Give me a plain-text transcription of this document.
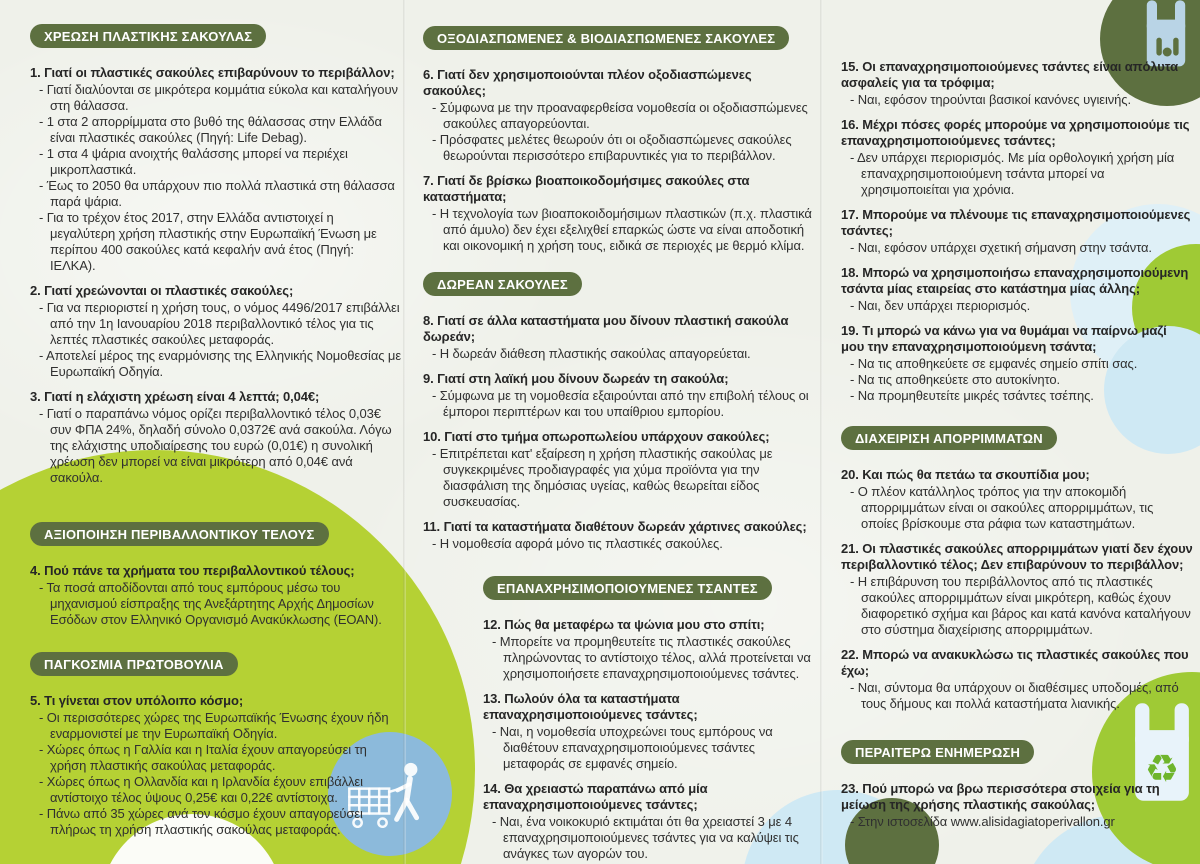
♻
ΧΡΕΩΣΗ ΠΛΑΣΤΙΚΗΣ ΣΑΚΟΥΛΑΣ
1. Γιατί οι πλαστικές σακούλες επιβαρύνουν το περιβάλλον;
- Γιατί διαλύονται σε μικρότερα κομμάτια εύκολα και καταλήγουν στη θάλασσα.
- 1 στα 2 απορρίμματα στο βυθό της θάλασσας στην Ελλάδα είναι πλαστικές σακούλες (Πηγή: Life Debag).
- 1 στα 4 ψάρια ανοιχτής θαλάσσης μπορεί να περιέχει μικροπλαστικά.
- Έως το 2050 θα υπάρχουν πιο πολλά πλαστικά στη θάλασσα παρά ψάρια.
- Για το τρέχον έτος 2017, στην Ελλάδα αντιστοιχεί η μεγαλύτερη χρήση πλαστικής στην Ευρωπαϊκή Ένωση με περίπου 400 σακούλες κατά κεφαλήν ανά έτος (Πηγή: ΙΕΛΚΑ).
2. Γιατί χρεώνονται οι πλαστικές σακούλες;
- Για να περιοριστεί η χρήση τους, ο νόμος 4496/2017 επιβάλλει από την 1η Ιανουαρίου 2018 περιβαλλοντικό τέλος για τις λεπτές πλαστικές σακούλες μεταφοράς.
- Αποτελεί μέρος της εναρμόνισης της Ελληνικής Νομοθεσίας με Ευρωπαϊκή Οδηγία.
3. Γιατί η ελάχιστη χρέωση είναι 4 λεπτά; 0,04€;
- Γιατί ο παραπάνω νόμος ορίζει περιβαλλοντικό τέλος 0,03€ συν ΦΠΑ 24%, δηλαδή σύνολο 0,0372€ ανά σακούλα. Λόγω της ελάχιστης υποδιαίρεσης του ευρώ (0,01€) η συνολική χρέωση δεν μπορεί να είναι μικρότερη από 0,04€ ανά σακούλα.
ΑΞΙΟΠΟΙΗΣΗ ΠΕΡΙΒΑΛΛΟΝΤΙΚΟΥ ΤΕΛΟΥΣ
4. Πού πάνε τα χρήματα του περιβαλλοντικού τέλους;
- Τα ποσά αποδίδονται από τους εμπόρους μέσω του μηχανισμού είσπραξης της Ανεξάρτητης Αρχής Δημοσίων Εσόδων στον Ελληνικό Οργανισμό Ανακύκλωσης (ΕΟΑΝ).
ΠΑΓΚΟΣΜΙΑ ΠΡΩΤΟΒΟΥΛΙΑ
5. Τι γίνεται στον υπόλοιπο κόσμο;
- Οι περισσότερες χώρες της Ευρωπαϊκής Ένωσης έχουν ήδη εναρμονιστεί με την Ευρωπαϊκή Οδηγία.
- Χώρες όπως η Γαλλία και η Ιταλία έχουν απαγορεύσει τη χρήση πλαστικής σακούλας μεταφοράς.
- Χώρες όπως η Ολλανδία και η Ιρλανδία έχουν επιβάλλει αντίστοιχο τέλος ύψους 0,25€ και 0,22€ αντίστοιχα.
- Πάνω από 35 χώρες ανά τον κόσμο έχουν απαγορεύσει πλήρως τη χρήση πλαστικής σακούλας μεταφοράς.
ΟΞΟΔΙΑΣΠΩΜΕΝΕΣ & ΒΙΟΔΙΑΣΠΩΜΕΝΕΣ ΣΑΚΟΥΛΕΣ
6. Γιατί δεν χρησιμοποιούνται πλέον οξοδιασπώμενες σακούλες;
- Σύμφωνα με την προαναφερθείσα νομοθεσία οι οξοδιασπώμενες σακούλες απαγορεύονται.
- Πρόσφατες μελέτες θεωρούν ότι οι οξοδιασπώμενες σακούλες θεωρούνται περισσότερο επιβαρυντικές για το περιβάλλον.
7. Γιατί δε βρίσκω βιοαποικοδομήσιμες σακούλες στα καταστήματα;
- Η τεχνολογία των βιοαποκοιδομήσιμων πλαστικών (π.χ. πλαστικά από άμυλο) δεν έχει εξελιχθεί επαρκώς ώστε να είναι αποδοτική και οικονομική η χρήση τους, ειδικά σε περιοχές με θερμό κλίμα.
ΔΩΡΕΑΝ ΣΑΚΟΥΛΕΣ
8. Γιατί σε άλλα καταστήματα μου δίνουν πλαστική σακούλα δωρεάν;
- Η δωρεάν διάθεση πλαστικής σακούλας απαγορεύεται.
9. Γιατί στη λαϊκή μου δίνουν δωρεάν τη σακούλα;
- Σύμφωνα με τη νομοθεσία εξαιρούνται από την επιβολή τέλους οι έμποροι περιπτέρων και του υπαίθριου εμπορίου.
10. Γιατί στο τμήμα οπωροπωλείου υπάρχουν σακούλες;
- Επιτρέπεται κατ' εξαίρεση η χρήση πλαστικής σακούλας με συγκεκριμένες προδιαγραφές για χύμα προϊόντα για την διασφάλιση της δημόσιας υγείας, καθώς θεωρείται είδος συσκευασίας.
11. Γιατί τα καταστήματα διαθέτουν δωρεάν χάρτινες σακούλες;
- Η νομοθεσία αφορά μόνο τις πλαστικές σακούλες.
ΕΠΑΝΑΧΡΗΣΙΜΟΠΟΙΟΥΜΕΝΕΣ ΤΣΑΝΤΕΣ
12. Πώς θα μεταφέρω τα ψώνια μου στο σπίτι;
- Μπορείτε να προμηθευτείτε τις πλαστικές σακούλες πληρώνοντας το αντίστοιχο τέλος, αλλά προτείνεται να χρησιμοποιήσετε επαναχρησιμοποιούμενες τσάντες.
13. Πωλούν όλα τα καταστήματα επαναχρησιμοποιούμενες τσάντες;
- Ναι, η νομοθεσία υποχρεώνει τους εμπόρους να διαθέτουν επαναχρησιμοποιούμενες τσάντες μεταφοράς σε εμφανές σημείο.
14. Θα χρειαστώ παραπάνω από μία επαναχρησιμοποιούμενες τσάντες;
- Ναι, ένα νοικοκυριό εκτιμάται ότι θα χρειαστεί 3 με 4 επαναχρησιμοποιούμενες τσάντες για να καλύψει τις ανάγκες των αγορών του.
15. Οι επαναχρησιμοποιούμενες τσάντες είναι απόλυτα ασφαλείς για τα τρόφιμα;
- Ναι, εφόσον τηρούνται βασικοί κανόνες υγιεινής.
16. Μέχρι πόσες φορές μπορούμε να χρησιμοποιούμε τις επαναχρησιμοποιούμενες τσάντες;
- Δεν υπάρχει περιορισμός. Με μία ορθολογική χρήση μία επαναχρησιμοποιούμενη τσάντα μπορεί να χρησιμοποιείται για χρόνια.
17. Μπορούμε να πλένουμε τις επαναχρησιμοποιούμενες τσάντες;
- Ναι, εφόσον υπάρχει σχετική σήμανση στην τσάντα.
18. Μπορώ να χρησιμοποιήσω επαναχρησιμοποιούμενη τσάντα μίας εταιρείας στο κατάστημα μίας άλλης;
- Ναι, δεν υπάρχει περιορισμός.
19. Τι μπορώ να κάνω για να θυμάμαι να παίρνω μαζί μου την επαναχρησιμοποιούμενη τσάντα;
- Να τις αποθηκεύετε σε εμφανές σημείο σπίτι σας.
- Να τις αποθηκεύετε στο αυτοκίνητο.
- Να προμηθευτείτε μικρές τσάντες τσέπης.
ΔΙΑΧΕΙΡΙΣΗ ΑΠΟΡΡΙΜΜΑΤΩΝ
20. Και πώς θα πετάω τα σκουπίδια μου;
- Ο πλέον κατάλληλος τρόπος για την αποκομιδή απορριμμάτων είναι οι σακούλες απορριμμάτων, τις οποίες βρίσκουμε στα ράφια των καταστημάτων.
21. Οι πλαστικές σακούλες απορριμμάτων γιατί δεν έχουν περιβαλλοντικό τέλος; Δεν επιβαρύνουν το περιβάλλον;
- Η επιβάρυνση του περιβάλλοντος από τις πλαστικές σακούλες απορριμμάτων είναι μικρότερη, καθώς έχουν διαφορετικό σχήμα και βάρος και κατά κανόνα καταλήγουν στο σύστημα διαχείρισης απορριμμάτων.
22. Μπορώ να ανακυκλώσω τις πλαστικές σακούλες που έχω;
- Ναι, σύντομα θα υπάρχουν οι διαθέσιμες υποδομές, από τους δήμους και πολλά καταστήματα λιανικής.
ΠΕΡΑΙΤΕΡΩ ΕΝΗΜΕΡΩΣΗ
23. Πού μπορώ να βρω περισσότερα στοιχεία για τη μείωση της χρήσης πλαστικής σακούλας;
- Στην ιστοσελίδα www.alisidagiatoperivallon.gr
